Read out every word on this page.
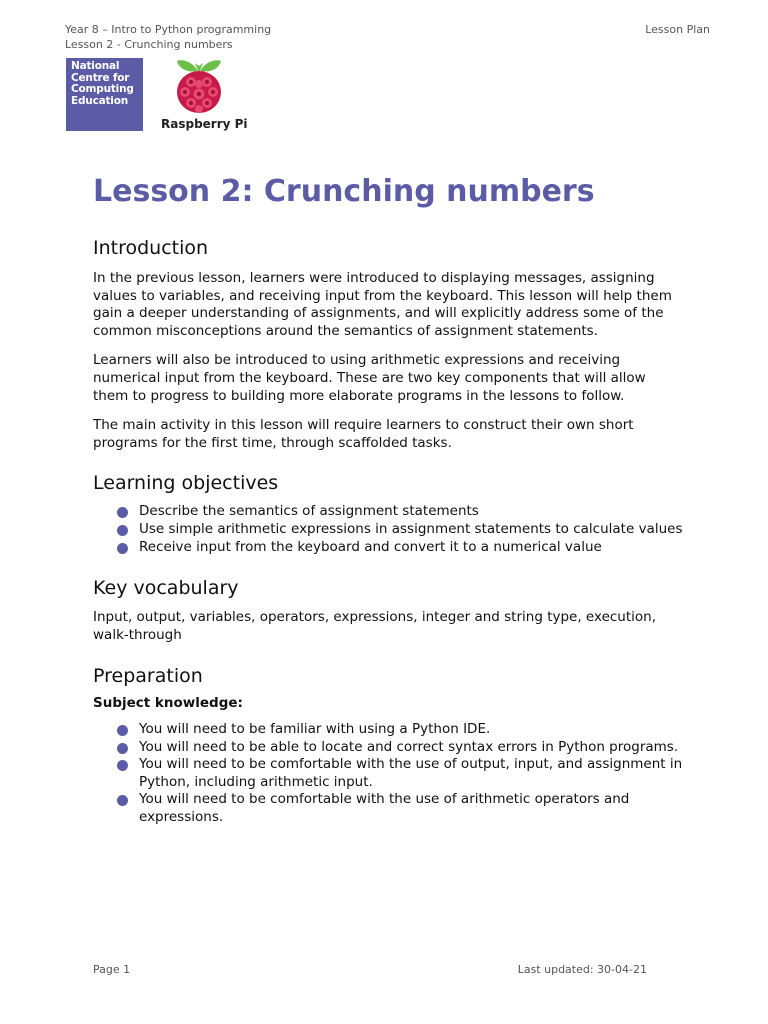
Year 8 – Intro to Python programming
Lesson 2 - Crunching numbers
Lesson Plan
National
Centre for
Computing
Education
Raspberry Pi
Lesson 2: Crunching numbers
Introduction

In the previous lesson, learners were introduced to displaying messages, assigning values to variables, and receiving input from the keyboard. This lesson will help them gain a deeper understanding of assignments, and will explicitly address some of the common misconceptions around the semantics of assignment statements.

Learners will also be introduced to using arithmetic expressions and receiving numerical input from the keyboard. These are two key components that will allow them to progress to building more elaborate programs in the lessons to follow.

The main activity in this lesson will require learners to construct their own short programs for the first time, through scaffolded tasks.

Learning objectives
Describe the semantics of assignment statements
Use simple arithmetic expressions in assignment statements to calculate values
Receive input from the keyboard and convert it to a numerical value
Key vocabulary

Input, output, variables, operators, expressions, integer and string type, execution, walk-through

Preparation
Subject knowledge:
You will need to be familiar with using a Python IDE.
You will need to be able to locate and correct syntax errors in Python programs.
You will need to be comfortable with the use of output, input, and assignment in Python, including arithmetic input.
You will need to be comfortable with the use of arithmetic operators and expressions.
Page 1	Last updated: 30-04-21
